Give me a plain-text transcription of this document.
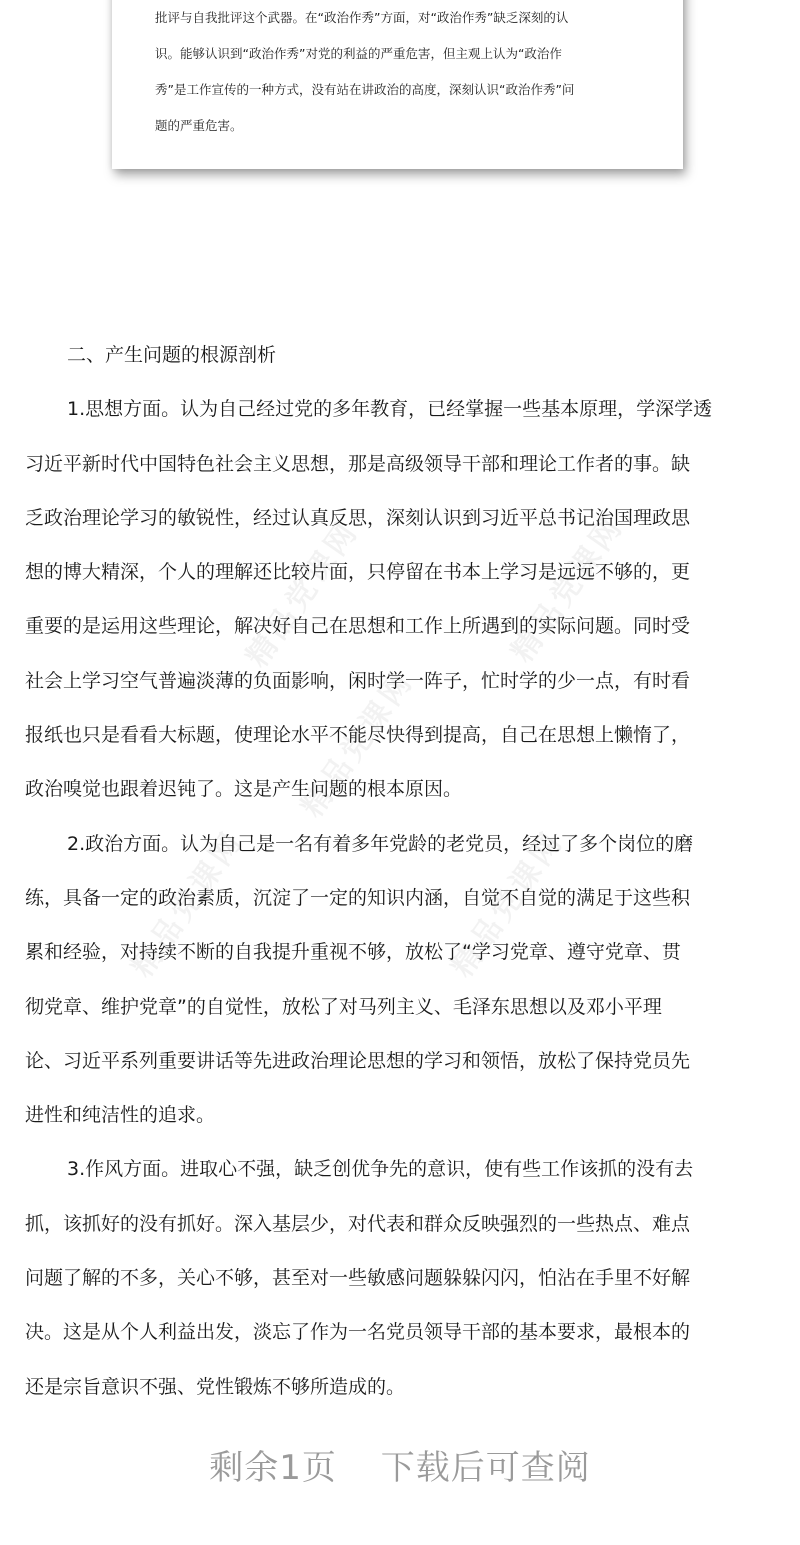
批评与自我批评这个武器。在“政治作秀”方面，对“政治作秀”缺乏深刻的认
识。能够认识到“政治作秀”对党的利益的严重危害，但主观上认为“政治作
秀”是工作宣传的一种方式，没有站在讲政治的高度，深刻认识“政治作秀”问
题的严重危害。
精品党课网	精品党课网
精品党课网
精品党课网	精品党课网
二、产生问题的根源剖析
1.思想方面。认为自己经过党的多年教育，已经掌握一些基本原理，学深学透
习近平新时代中国特色社会主义思想，那是高级领导干部和理论工作者的事。缺
乏政治理论学习的敏锐性，经过认真反思，深刻认识到习近平总书记治国理政思
想的博大精深，个人的理解还比较片面，只停留在书本上学习是远远不够的，更
重要的是运用这些理论，解决好自己在思想和工作上所遇到的实际问题。同时受
社会上学习空气普遍淡薄的负面影响，闲时学一阵子，忙时学的少一点，有时看
报纸也只是看看大标题，使理论水平不能尽快得到提高，自己在思想上懒惰了，
政治嗅觉也跟着迟钝了。这是产生问题的根本原因。
2.政治方面。认为自己是一名有着多年党龄的老党员，经过了多个岗位的磨
练，具备一定的政治素质，沉淀了一定的知识内涵，自觉不自觉的满足于这些积
累和经验，对持续不断的自我提升重视不够，放松了“学习党章、遵守党章、贯
彻党章、维护党章”的自觉性，放松了对马列主义、毛泽东思想以及邓小平理
论、习近平系列重要讲话等先进政治理论思想的学习和领悟，放松了保持党员先
进性和纯洁性的追求。
3.作风方面。进取心不强，缺乏创优争先的意识，使有些工作该抓的没有去
抓，该抓好的没有抓好。深入基层少，对代表和群众反映强烈的一些热点、难点
问题了解的不多，关心不够，甚至对一些敏感问题躲躲闪闪，怕沾在手里不好解
决。这是从个人利益出发，淡忘了作为一名党员领导干部的基本要求，最根本的
还是宗旨意识不强、党性锻炼不够所造成的。
剩余1页 下载后可查阅
